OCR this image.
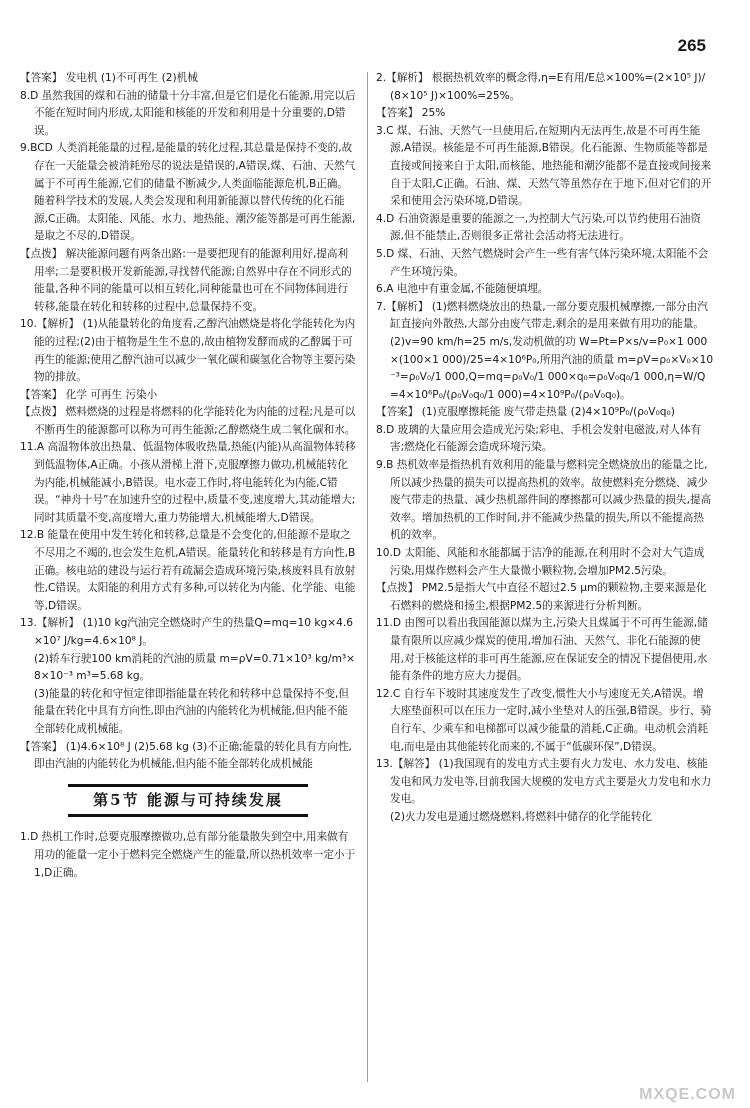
265

【答案】 发电机 (1)不可再生 (2)机械

8.D 虽然我国的煤和石油的储量十分丰富,但是它们是化石能源,用完以后不能在短时间内形成,太阳能和核能的开发和利用是十分重要的,D错误。

9.BCD 人类消耗能量的过程,是能量的转化过程,其总量是保持不变的,故存在一天能量会被消耗殆尽的说法是错误的,A错误,煤、石油、天然气属于不可再生能源,它们的储量不断减少,人类面临能源危机,B正确。随着科学技术的发展,人类会发现和利用新能源以替代传统的化石能源,C正确。太阳能、风能、水力、地热能、潮汐能等都是可再生能源,是取之不尽的,D错误。

【点拨】 解决能源问题有两条出路:一是要把现有的能源利用好,提高利用率;二是要积极开发新能源,寻找替代能源;自然界中存在不同形式的能量,各种不同的能量可以相互转化,同种能量也可在不同物体间进行转移,能量在转化和转移的过程中,总量保持不变。

10.【解析】 (1)从能量转化的角度看,乙醇汽油燃烧是将化学能转化为内能的过程;(2)由于植物是生生不息的,故由植物发酵而成的乙醇属于可再生的能源;使用乙醇汽油可以减少一氧化碳和碳氢化合物等主要污染物的排放。

【答案】 化学 可再生 污染小

【点拨】 燃料燃烧的过程是将燃料的化学能转化为内能的过程;凡是可以不断再生的能源都可以称为可再生能源;乙醇燃烧生成二氧化碳和水。

11.A 高温物体放出热量、低温物体吸收热量,热能(内能)从高温物体转移到低温物体,A正确。小孩从滑梯上滑下,克服摩擦力做功,机械能转化为内能,机械能减小,B错误。电水壶工作时,将电能转化为内能,C错误。“神舟十号”在加速升空的过程中,质量不变,速度增大,其动能增大;同时其质量不变,高度增大,重力势能增大,机械能增大,D错误。

12.B 能量在使用中发生转化和转移,总量是不会变化的,但能源不是取之不尽用之不竭的,也会发生危机,A错误。能量转化和转移是有方向性,B正确。核电站的建设与运行若有疏漏会造成环境污染,核废料具有放射性,C错误。太阳能的利用方式有多种,可以转化为内能、化学能、电能等,D错误。

13.【解析】 (1)10 kg汽油完全燃烧时产生的热量Q=mq=10 kg×4.6×10⁷ J/kg=4.6×10⁸ J。

(2)轿车行驶100 km消耗的汽油的质量 m=ρV=0.71×10³ kg/m³×8×10⁻³ m³=5.68 kg。

(3)能量的转化和守恒定律即指能量在转化和转移中总量保持不变,但能量在转化中具有方向性,即由汽油的内能转化为机械能,但内能不能全部转化成机械能。

【答案】 (1)4.6×10⁸ J (2)5.68 kg (3)不正确;能量的转化具有方向性,即由汽油的内能转化为机械能,但内能不能全部转化成机械能

第5节 能源与可持续发展

1.D 热机工作时,总要克服摩擦做功,总有部分能量散失到空中,用来做有用功的能量一定小于燃料完全燃烧产生的能量,所以热机效率一定小于1,D正确。

2.【解析】 根据热机效率的概念得,η=E有用/E总×100%=(2×10⁵ J)/(8×10⁵ J)×100%=25%。

【答案】 25%

3.C 煤、石油、天然气一旦使用后,在短期内无法再生,故是不可再生能源,A错误。核能是不可再生能源,B错误。化石能源、生物质能等都是直接或间接来自于太阳,而核能、地热能和潮汐能都不是直接或间接来自于太阳,C正确。石油、煤、天然气等虽然存在于地下,但对它们的开采和使用会污染环境,D错误。

4.D 石油资源是重要的能源之一,为控制大气污染,可以节约使用石油资源,但不能禁止,否则很多正常社会活动将无法进行。

5.D 煤、石油、天然气燃烧时会产生一些有害气体污染环境,太阳能不会产生环境污染。

6.A 电池中有重金属,不能随便填埋。

7.【解析】 (1)燃料燃烧放出的热量,一部分要克服机械摩擦,一部分由汽缸直接向外散热,大部分由废气带走,剩余的是用来做有用功的能量。(2)v=90 km/h=25 m/s,发动机做的功 W=Pt=P×s/v=P₀×1 000×(100×1 000)/25=4×10⁶P₀,所用汽油的质量 m=ρV=ρ₀×V₀×10⁻³=ρ₀V₀/1 000,Q=mq=ρ₀V₀/1 000×q₀=ρ₀V₀q₀/1 000,η=W/Q=4×10⁶P₀/(ρ₀V₀q₀/1 000)=4×10⁹P₀/(ρ₀V₀q₀)。

【答案】 (1)克服摩擦耗能 废气带走热量 (2)4×10⁹P₀/(ρ₀V₀q₀)

8.D 玻璃的大量应用会造成光污染;彩电、手机会发射电磁波,对人体有害;燃烧化石能源会造成环境污染。

9.B 热机效率是指热机有效利用的能量与燃料完全燃烧放出的能量之比,所以减少热量的损失可以提高热机的效率。故使燃料充分燃烧、减少废气带走的热量、减少热机部件间的摩擦都可以减少热量的损失,提高效率。增加热机的工作时间,并不能减少热量的损失,所以不能提高热机的效率。

10.D 太阳能、风能和水能都属于洁净的能源,在利用时不会对大气造成污染,用煤作燃料会产生大量微小颗粒物,会增加PM2.5污染。

【点拨】 PM2.5是指大气中直径不超过2.5 μm的颗粒物,主要来源是化石燃料的燃烧和扬尘,根据PM2.5的来源进行分析判断。

11.D 由图可以看出我国能源以煤为主,污染大且煤属于不可再生能源,储量有限所以应减少煤炭的使用,增加石油、天然气、非化石能源的使用,对于核能这样的非可再生能源,应在保证安全的情况下提倡使用,水能有条件的地方应大力提倡。

12.C 自行车下坡时其速度发生了改变,惯性大小与速度无关,A错误。增大座垫面积可以在压力一定时,减小坐垫对人的压强,B错误。步行、骑自行车、少乘车和电梯都可以减少能量的消耗,C正确。电动机会消耗电,而电是由其他能转化而来的,不属于“低碳环保”,D错误。

13.【解答】 (1)我国现有的发电方式主要有火力发电、水力发电、核能发电和风力发电等,目前我国大规模的发电方式主要是火力发电和水力发电。

(2)火力发电是通过燃烧燃料,将燃料中储存的化学能转化

MXQE.COM
